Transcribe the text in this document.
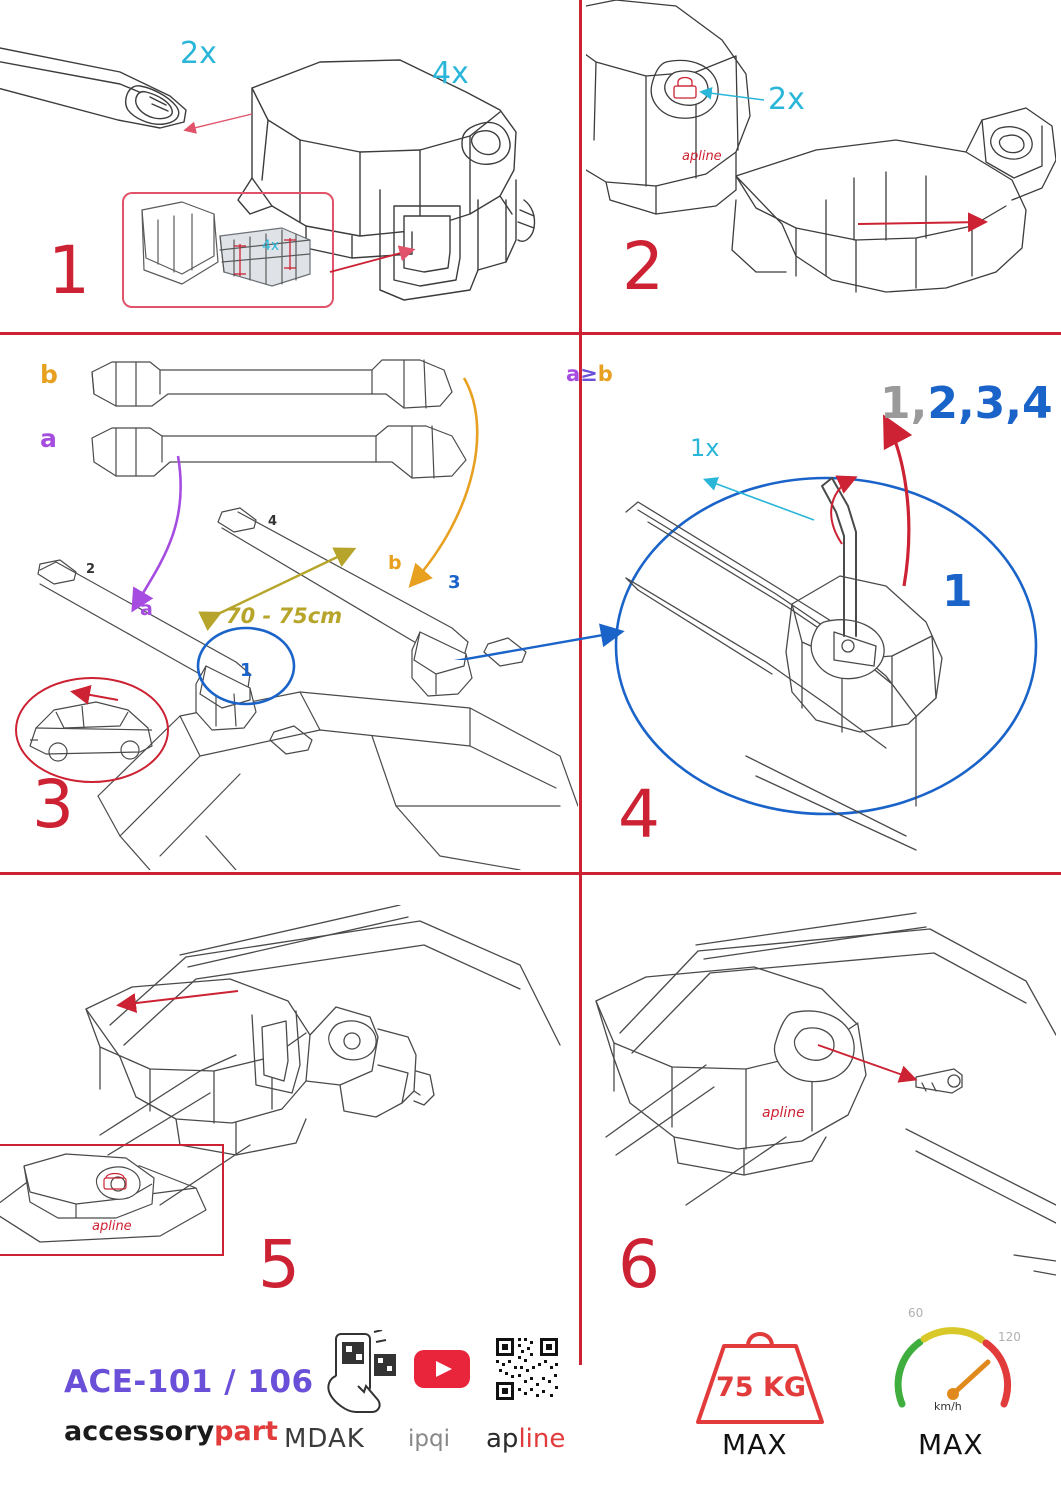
4x
2x
4x
1
apline
2x
2
b
a
a
b
70 - 75cm
2
4
3
1
3
a≥b
1x
1,2,3,4
1
4
apline 5
apline
6
ACE-101 / 106
accessorypart MDAK ipqi apline
75 KG
MAX
60
120
km/h
MAX
